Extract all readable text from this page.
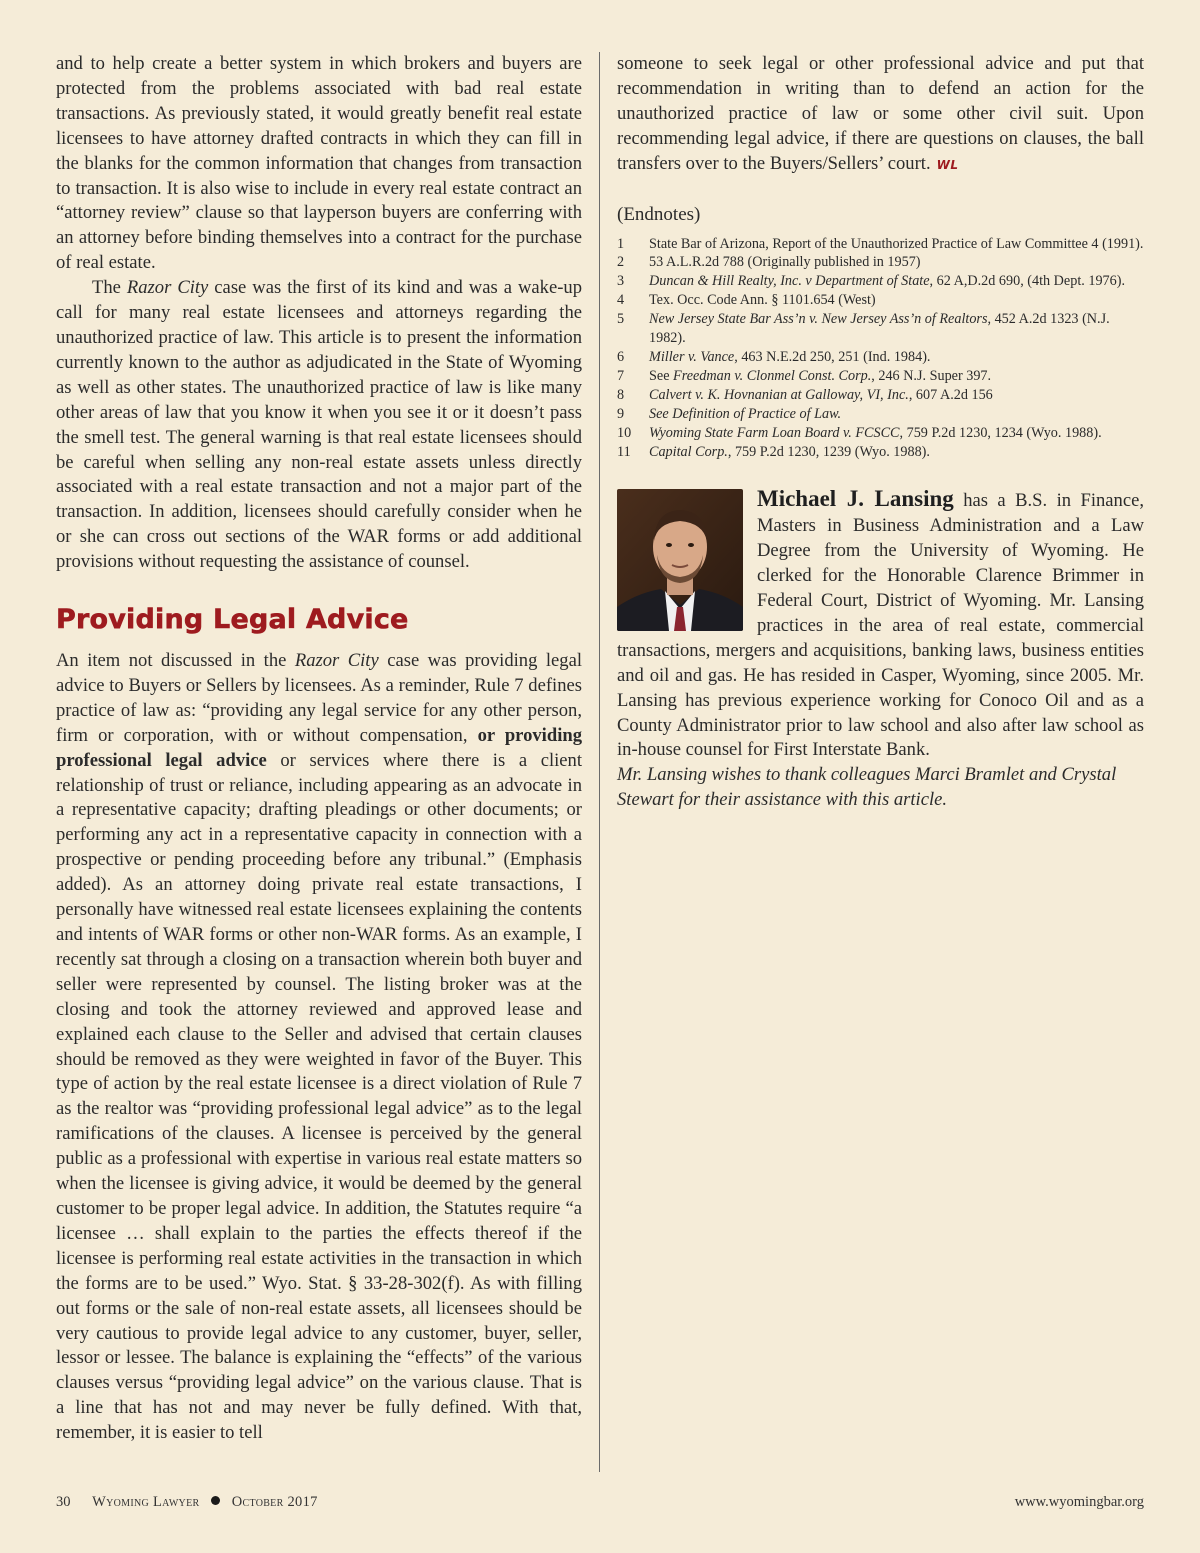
and to help create a better system in which brokers and buyers are protected from the problems associated with bad real estate transactions. As previously stated, it would greatly benefit real estate licensees to have attorney drafted contracts in which they can fill in the blanks for the common information that changes from transaction to transaction. It is also wise to include in every real estate contract an “attorney review” clause so that layperson buyers are conferring with an attorney before binding themselves into a contract for the purchase of real estate.

The Razor City case was the first of its kind and was a wake-up call for many real estate licensees and attorneys regarding the unauthorized practice of law. This article is to present the information currently known to the author as adjudicated in the State of Wyoming as well as other states. The unauthorized practice of law is like many other areas of law that you know it when you see it or it doesn’t pass the smell test. The general warning is that real estate licensees should be careful when selling any non-real estate assets unless directly associated with a real estate transaction and not a major part of the transaction. In addition, licensees should carefully consider when he or she can cross out sections of the WAR forms or add additional provisions without requesting the assistance of counsel.

Providing Legal Advice

An item not discussed in the Razor City case was providing legal advice to Buyers or Sellers by licensees. As a reminder, Rule 7 defines practice of law as: “providing any legal service for any other person, firm or corporation, with or without compensation, or providing professional legal advice or services where there is a client relationship of trust or reliance, including appearing as an advocate in a representative capacity; drafting pleadings or other documents; or performing any act in a representative capacity in connection with a prospective or pending proceeding before any tribunal.” (Emphasis added). As an attorney doing private real estate transactions, I personally have witnessed real estate licensees explaining the contents and intents of WAR forms or other non-WAR forms. As an example, I recently sat through a closing on a transaction wherein both buyer and seller were represented by counsel. The listing broker was at the closing and took the attorney reviewed and approved lease and explained each clause to the Seller and advised that certain clauses should be removed as they were weighted in favor of the Buyer. This type of action by the real estate licensee is a direct violation of Rule 7 as the realtor was “providing professional legal advice” as to the legal ramifications of the clauses. A licensee is perceived by the general public as a professional with expertise in various real estate matters so when the licensee is giving advice, it would be deemed by the general customer to be proper legal advice. In addition, the Statutes require “a licensee … shall explain to the parties the effects thereof if the licensee is performing real estate activities in the transaction in which the forms are to be used.” Wyo. Stat. § 33-28-302(f). As with filling out forms or the sale of non-real estate assets, all licensees should be very cautious to provide legal advice to any customer, buyer, seller, lessor or lessee. The balance is explaining the “effects” of the various clauses versus “providing legal advice” on the various clause. That is a line that has not and may never be fully defined. With that, remember, it is easier to tell

someone to seek legal or other professional advice and put that recommendation in writing than to defend an action for the unauthorized practice of law or some other civil suit. Upon recommending legal advice, if there are questions on clauses, the ball transfers over to the Buyers/Sellers’ court. WL

(Endnotes)
1	State Bar of Arizona, Report of the Unauthorized Practice of Law Committee 4 (1991).
2	53 A.L.R.2d 788 (Originally published in 1957)
3	Duncan & Hill Realty, Inc. v Department of State, 62 A,D.2d 690, (4th Dept. 1976).
4	Tex. Occ. Code Ann. § 1101.654 (West)
5	New Jersey State Bar Ass’n v. New Jersey Ass’n of Realtors, 452 A.2d 1323 (N.J. 1982).
6	Miller v. Vance, 463 N.E.2d 250, 251 (Ind. 1984).
7	See Freedman v. Clonmel Const. Corp., 246 N.J. Super 397.
8	Calvert v. K. Hovnanian at Galloway, VI, Inc., 607 A.2d 156
9	See Definition of Practice of Law.
10	Wyoming State Farm Loan Board v. FCSCC, 759 P.2d 1230, 1234 (Wyo. 1988).
11	Capital Corp., 759 P.2d 1230, 1239 (Wyo. 1988).
Michael J. Lansing has a B.S. in Finance, Masters in Business Administration and a Law Degree from the University of Wyoming. He clerked for the Honorable Clarence Brimmer in Federal Court, District of Wyoming. Mr. Lansing practices in the area of real estate, commercial transactions, mergers and acquisitions, banking laws, business entities and oil and gas. He has resided in Casper, Wyoming, since 2005. Mr. Lansing has previous experience working for Conoco Oil and as a County Administrator prior to law school and also after law school as in-house counsel for First Interstate Bank.

Mr. Lansing wishes to thank colleagues Marci Bramlet and Crystal Stewart for their assistance with this article.

30 Wyoming Lawyer October 2017	www.wyomingbar.org
